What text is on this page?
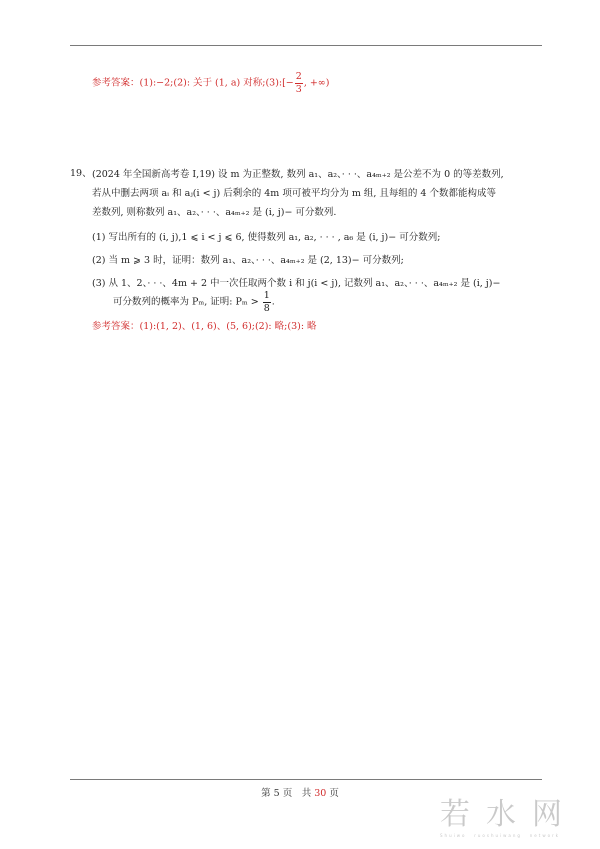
参考答案：(1):−2;(2): 关于 (1, a) 对称;(3):[− $\frac{2}{3}$ , +∞)
19、 (2024 年全国新高考卷 I,19) 设 m 为正整数, 数列 a₁、a₂、· · ·、a₄ₘ₊₂ 是公差不为 0 的等差数列,
若从中删去两项 aᵢ 和 aⱼ(i < j) 后剩余的 4m 项可被平均分为 m 组, 且每组的 4 个数都能构成等
差数列, 则称数列 a₁、a₂、· · ·、a₄ₘ₊₂ 是 (i, j)− 可分数列.
(1) 写出所有的 (i, j),1 ⩽ i < j ⩽ 6, 使得数列 a₁, a₂, · · · , a₆ 是 (i, j)− 可分数列;
(2) 当 m ⩾ 3 时，证明：数列 a₁、a₂、· · ·、a₄ₘ₊₂ 是 (2, 13)− 可分数列;
(3) 从 1、2、· · ·、4m + 2 中一次任取两个数 i 和 j(i < j), 记数列 a₁、a₂、· · ·、a₄ₘ₊₂ 是 (i, j)−
可分数列的概率为 Pₘ, 证明: $P_m > \frac{1}{8}$ .
参考答案：(1):(1, 2)、(1, 6)、(5, 6);(2): 略;(3): 略
第 5 页　共 30 页
若水网
Shuiwo ruoshuiwang network
